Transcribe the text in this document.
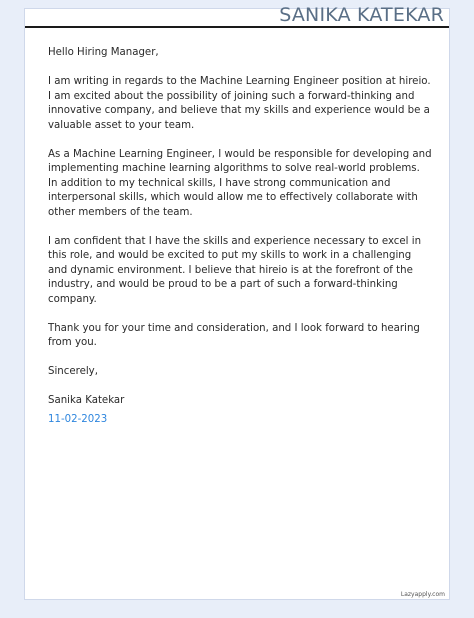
SANIKA KATEKAR

Hello Hiring Manager,

I am writing in regards to the Machine Learning Engineer position at hireio. I am excited about the possibility of joining such a forward-thinking and innovative company, and believe that my skills and experience would be a valuable asset to your team.

As a Machine Learning Engineer, I would be responsible for developing and implementing machine learning algorithms to solve real-world problems. In addition to my technical skills, I have strong communication and interpersonal skills, which would allow me to effectively collaborate with other members of the team.

I am confident that I have the skills and experience necessary to excel in this role, and would be excited to put my skills to work in a challenging and dynamic environment. I believe that hireio is at the forefront of the industry, and would be proud to be a part of such a forward-thinking company.

Thank you for your time and consideration, and I look forward to hearing from you.

Sincerely,

Sanika Katekar

11-02-2023

Lazyapply.com
